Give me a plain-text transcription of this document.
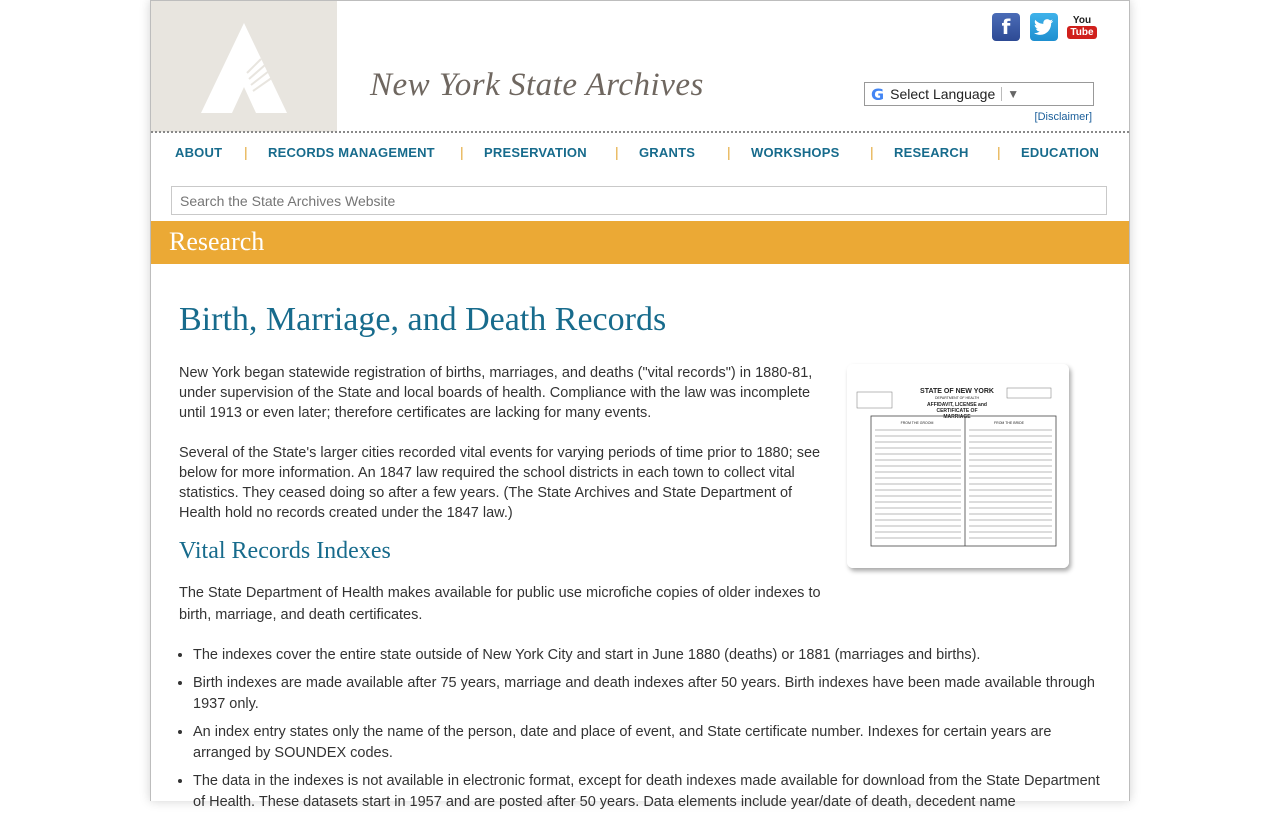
New York State Archives
f	You
Tube
G Select Language	▼
[Disclaimer]
ABOUT | RECORDS MANAGEMENT | PRESERVATION | GRANTS | WORKSHOPS | RESEARCH | EDUCATION
Search the State Archives Website
Research
Birth, Marriage, and Death Records

New York began statewide registration of births, marriages, and deaths ("vital records") in 1880-81, under supervision of the State and local boards of health. Compliance with the law was incomplete until 1913 or even later; therefore certificates are lacking for many events.

Several of the State's larger cities recorded vital events for varying periods of time prior to 1880; see below for more information. An 1847 law required the school districts in each town to collect vital statistics. They ceased doing so after a few years. (The State Archives and State Department of Health hold no records created under the 1847 law.)

Vital Records Indexes

The State Department of Health makes available for public use microfiche copies of older indexes to birth, marriage, and death certificates.

• The indexes cover the entire state outside of New York City and start in June 1880 (deaths) or 1881 (marriages and births).
• Birth indexes are made available after 75 years, marriage and death indexes after 50 years. Birth indexes have been made available through 1937 only.
• An index entry states only the name of the person, date and place of event, and State certificate number. Indexes for certain years are arranged by SOUNDEX codes.
• The data in the indexes is not available in electronic format, except for death indexes made available for download from the State Department of Health. These datasets start in 1957 and are posted after 50 years. Data elements include year/date of death, decedent name
STATE OF NEW YORK
DEPARTMENT OF HEALTH
AFFIDAVIT, LICENSE and
CERTIFICATE OF
MARRIAGE
FROM THE GROOM	FROM THE BRIDE
